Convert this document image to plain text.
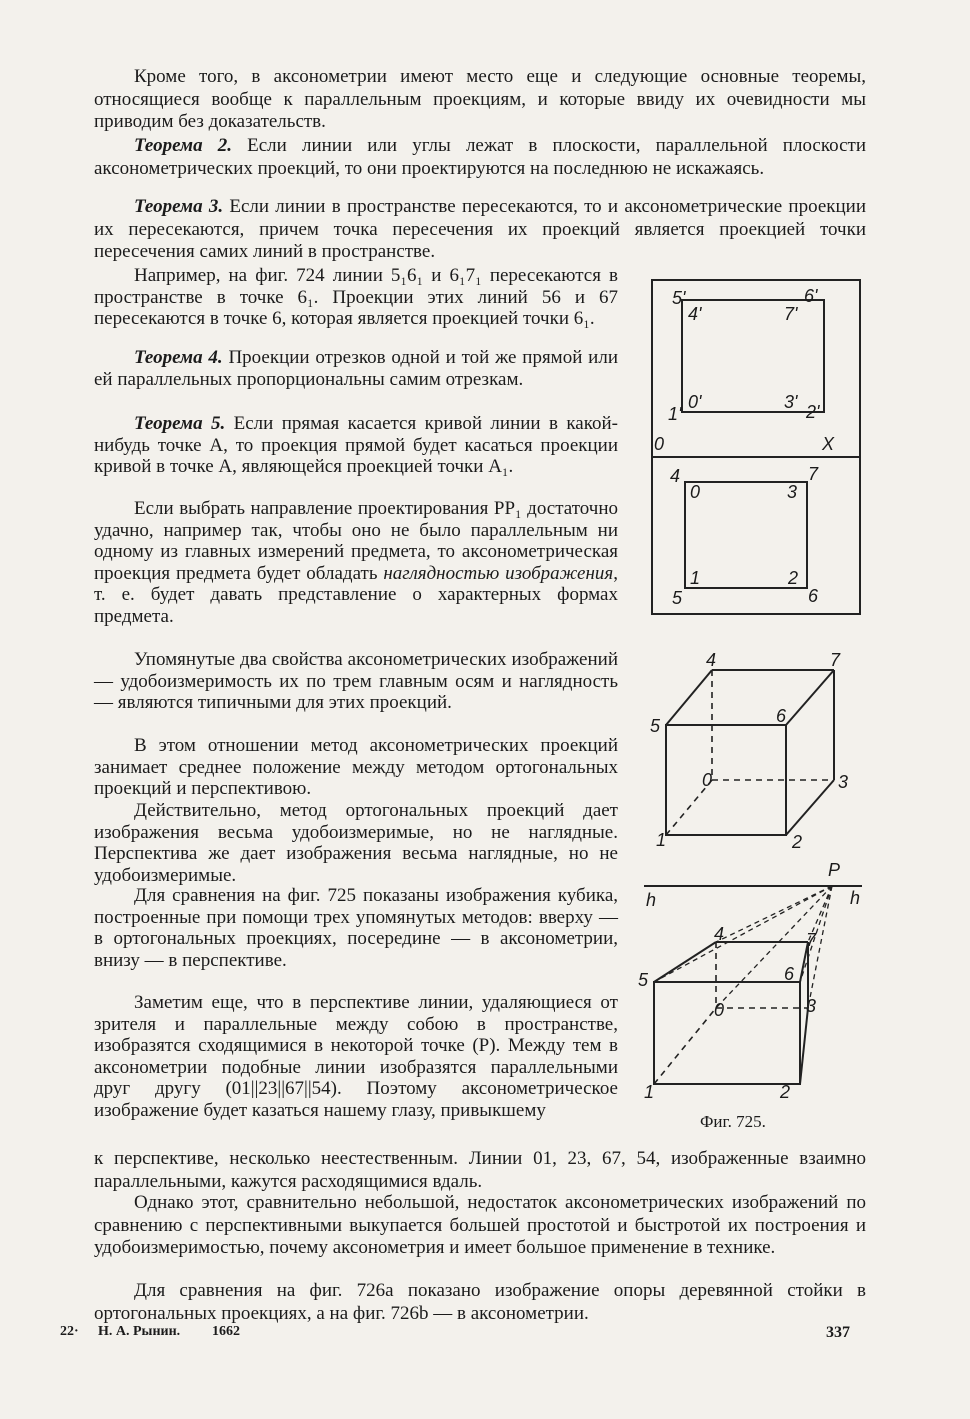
Кроме того, в аксонометрии имеют место еще и следующие основные теоремы, относящиеся вообще к параллельным проекциям, и которые ввиду их очевидности мы приводим без доказательств.

Теорема 2. Если линии или углы лежат в плоскости, параллельной плоскости аксонометрических проекций, то они проектируются на последнюю не искажаясь.

Теорема 3. Если линии в пространстве пересекаются, то и аксонометрические проекции их пересекаются, причем точка пересечения их проекций является проекцией точки пересечения самих линий в пространстве.

Например, на фиг. 724 линии 5₁6₁ и 6₁7₁ пересекаются в пространстве в точке 6₁. Проекции этих линий 56 и 67 пересекаются в точке 6, которая является проекцией точки 6₁.

Теорема 4. Проекции отрезков одной и той же прямой или ей параллельных пропорциональны самим отрезкам.

Теорема 5. Если прямая касается кривой линии в какой-нибудь точке A, то проекция прямой будет касаться проекции кривой в точке A, являющейся проекцией точки A₁.

Если выбрать направление проектирования PP₁ достаточно удачно, например так, чтобы оно не было параллельным ни одному из главных измерений предмета, то аксонометрическая проекция предмета будет обладать наглядностью изображения, т. е. будет давать представление о характерных формах предмета.

Упомянутые два свойства аксонометрических изображений — удобоизмеримость их по трем главным осям и наглядность — являются типичными для этих проекций.

В этом отношении метод аксонометрических проекций занимает среднее положение между методом ортогональных проекций и перспективою.

Действительно, метод ортогональных проекций дает изображения весьма удобоизмеримые, но не наглядные. Перспектива же дает изображения весьма наглядные, но не удобоизмеримые.

Для сравнения на фиг. 725 показаны изображения кубика, построенные при помощи трех упомянутых методов: вверху — в ортогональных проекциях, посередине — в аксонометрии, внизу — в перспективе.

Заметим еще, что в перспективе линии, удаляющиеся от зрителя и параллельные между собою в пространстве, изобразятся сходящимися в некоторой точке (P). Между тем в аксонометрии подобные линии изобразятся параллельными друг другу (01||23||67||54). Поэтому аксонометрическое изображение будет казаться нашему глазу, привыкшему

к перспективе, несколько неестественным. Линии 01, 23, 67, 54, изображенные взаимно параллельными, кажутся расходящимися вдаль.

Однако этот, сравнительно небольшой, недостаток аксонометрических изображений по сравнению с перспективными выкупается большей простотой и быстротой их построения и удобоизмеримостью, почему аксонометрия и имеет большое применение в технике.

Для сравнения на фиг. 726a показано изображение опоры деревянной стойки в ортогональных проекциях, а на фиг. 726b — в аксонометрии.

5'	6'
4'	7'
1'
0'	3' 2'
0	X
4	7
0	3
1	2
5	6
4	7
5	6
0	3
1	2
P
h	h
4	7
5	6
0	3
1	2
Фиг. 725.
22· Н. А. Рынин. 1662	337
